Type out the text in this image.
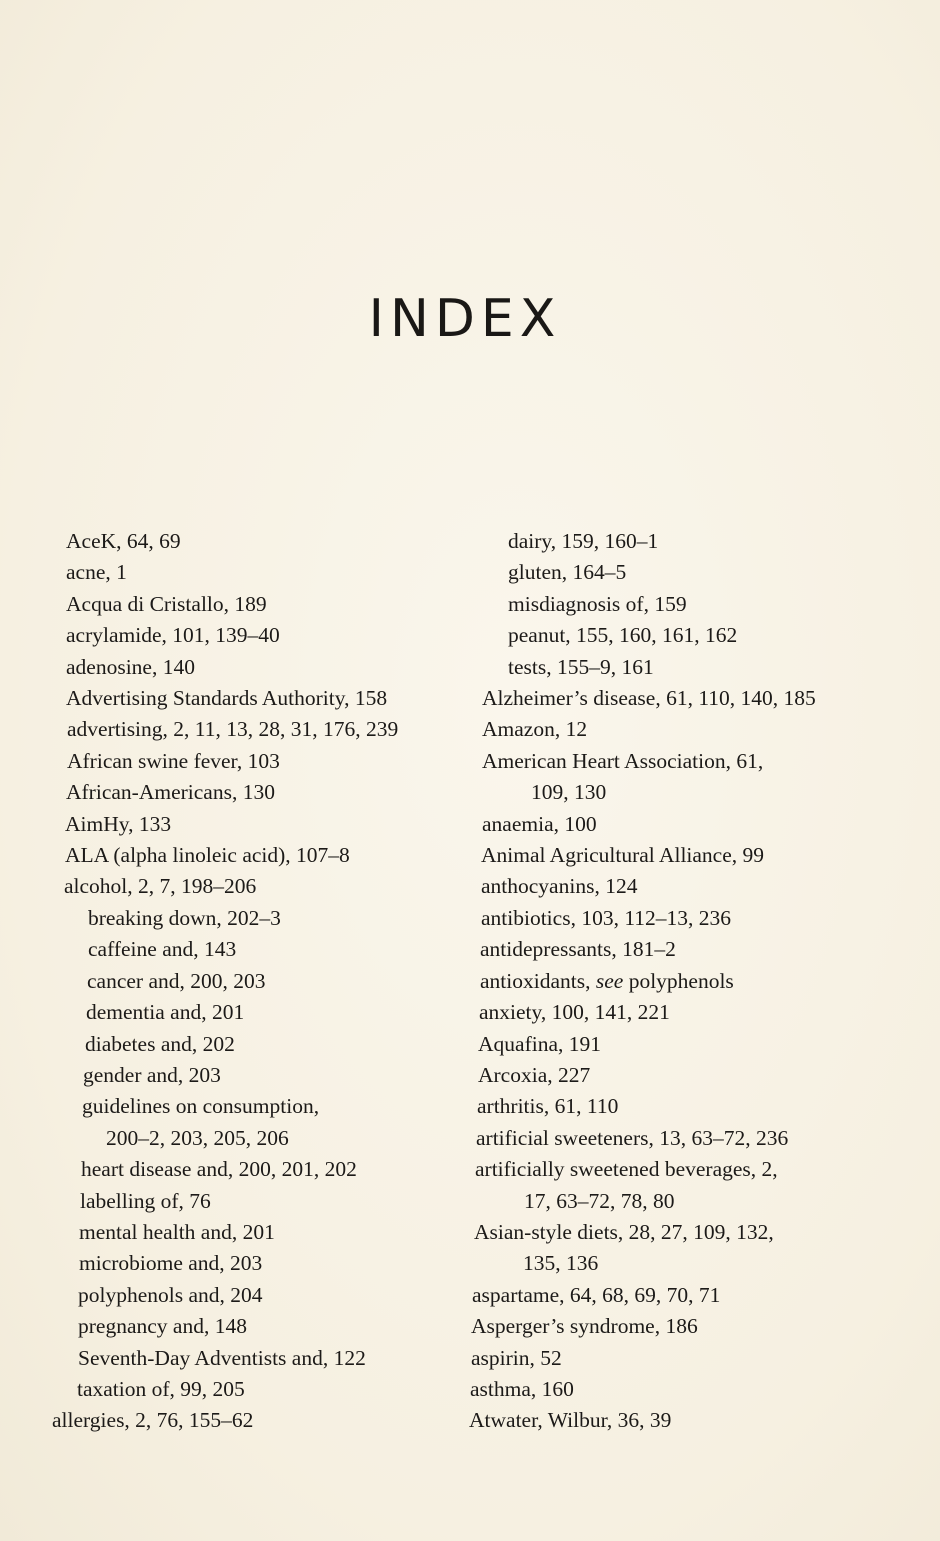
INDEX
AceK, 64, 69
acne, 1
Acqua di Cristallo, 189
acrylamide, 101, 139–40
adenosine, 140
Advertising Standards Authority, 158
advertising, 2, 11, 13, 28, 31, 176, 239
African swine fever, 103
African-Americans, 130
AimHy, 133
ALA (alpha linoleic acid), 107–8
alcohol, 2, 7, 198–206
breaking down, 202–3
caffeine and, 143
cancer and, 200, 203
dementia and, 201
diabetes and, 202
gender and, 203
guidelines on consumption,
200–2, 203, 205, 206
heart disease and, 200, 201, 202
labelling of, 76
mental health and, 201
microbiome and, 203
polyphenols and, 204
pregnancy and, 148
Seventh-Day Adventists and, 122
taxation of, 99, 205
allergies, 2, 76, 155–62
dairy, 159, 160–1
gluten, 164–5
misdiagnosis of, 159
peanut, 155, 160, 161, 162
tests, 155–9, 161
Alzheimer’s disease, 61, 110, 140, 185
Amazon, 12
American Heart Association, 61,
109, 130
anaemia, 100
Animal Agricultural Alliance, 99
anthocyanins, 124
antibiotics, 103, 112–13, 236
antidepressants, 181–2
antioxidants, see polyphenols
anxiety, 100, 141, 221
Aquafina, 191
Arcoxia, 227
arthritis, 61, 110
artificial sweeteners, 13, 63–72, 236
artificially sweetened beverages, 2,
17, 63–72, 78, 80
Asian-style diets, 28, 27, 109, 132,
135, 136
aspartame, 64, 68, 69, 70, 71
Asperger’s syndrome, 186
aspirin, 52
asthma, 160
Atwater, Wilbur, 36, 39
